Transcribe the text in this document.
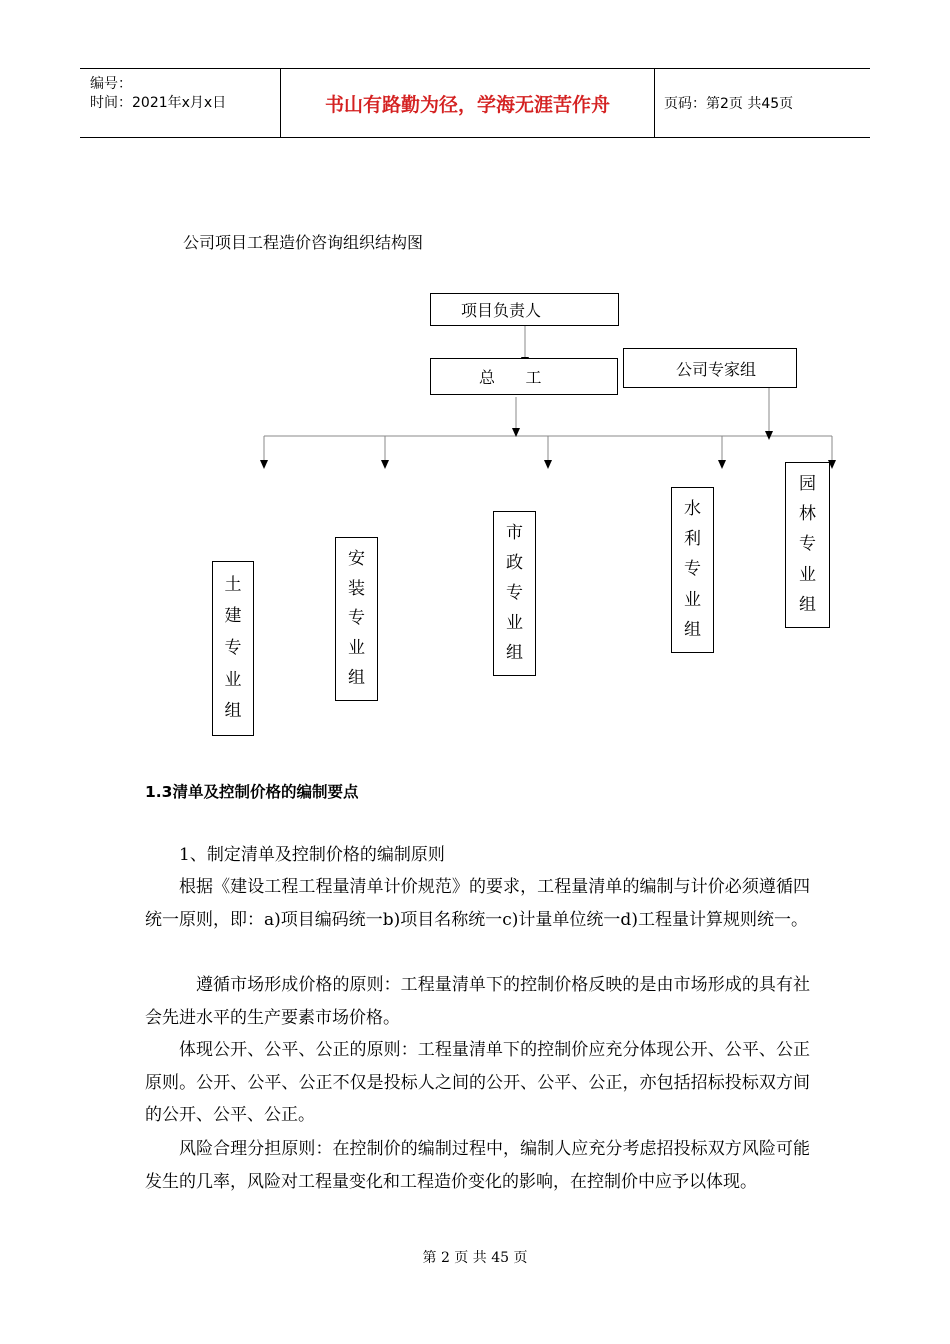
编号：
时间：2021年x月x日	书山有路勤为径，学海无涯苦作舟	页码：第2页 共45页
公司项目工程造价咨询组织结构图
项目负责人
总      工	公司专家组
土
建
专
业
组
安
装
专
业
组
市
政
专
业
组
水
利
专
业
组
园
林
专
业
组
1.3清单及控制价格的编制要点

1、制定清单及控制价格的编制原则

根据《建设工程工程量清单计价规范》的要求，工程量清单的编制与计价必须遵循四统一原则，即：a)项目编码统一b)项目名称统一c)计量单位统一d)工程量计算规则统一。

遵循市场形成价格的原则：工程量清单下的控制价格反映的是由市场形成的具有社会先进水平的生产要素市场价格。

体现公开、公平、公正的原则：工程量清单下的控制价应充分体现公开、公平、公正原则。公开、公平、公正不仅是投标人之间的公开、公平、公正，亦包括招标投标双方间的公开、公平、公正。

风险合理分担原则：在控制价的编制过程中，编制人应充分考虑招投标双方风险可能发生的几率，风险对工程量变化和工程造价变化的影响，在控制价中应予以体现。

第 2 页 共 45 页
